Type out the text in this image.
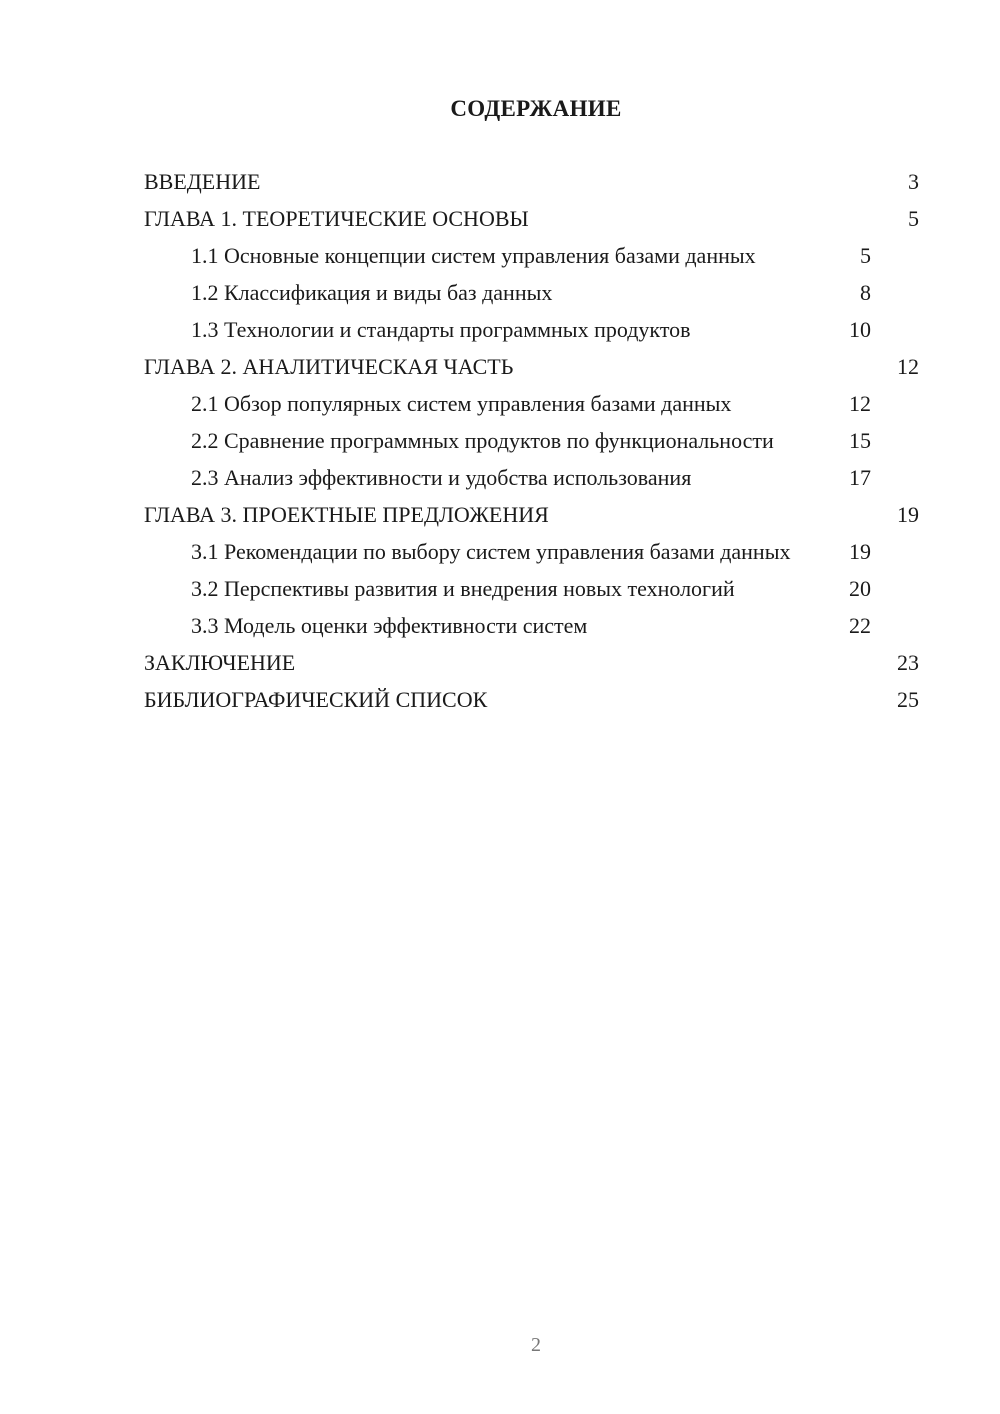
СОДЕРЖАНИЕ
ВВЕДЕНИЕ	3
ГЛАВА 1. ТЕОРЕТИЧЕСКИЕ ОСНОВЫ	5
1.1 Основные концепции систем управления базами данных	5
1.2 Классификация и виды баз данных	8
1.3 Технологии и стандарты программных продуктов	10
ГЛАВА 2. АНАЛИТИЧЕСКАЯ ЧАСТЬ	12
2.1 Обзор популярных систем управления базами данных	12
2.2 Сравнение программных продуктов по функциональности	15
2.3 Анализ эффективности и удобства использования	17
ГЛАВА 3. ПРОЕКТНЫЕ ПРЕДЛОЖЕНИЯ	19
3.1 Рекомендации по выбору систем управления базами данных	19
3.2 Перспективы развития и внедрения новых технологий	20
3.3 Модель оценки эффективности систем	22
ЗАКЛЮЧЕНИЕ	23
БИБЛИОГРАФИЧЕСКИЙ СПИСОК	25
2
